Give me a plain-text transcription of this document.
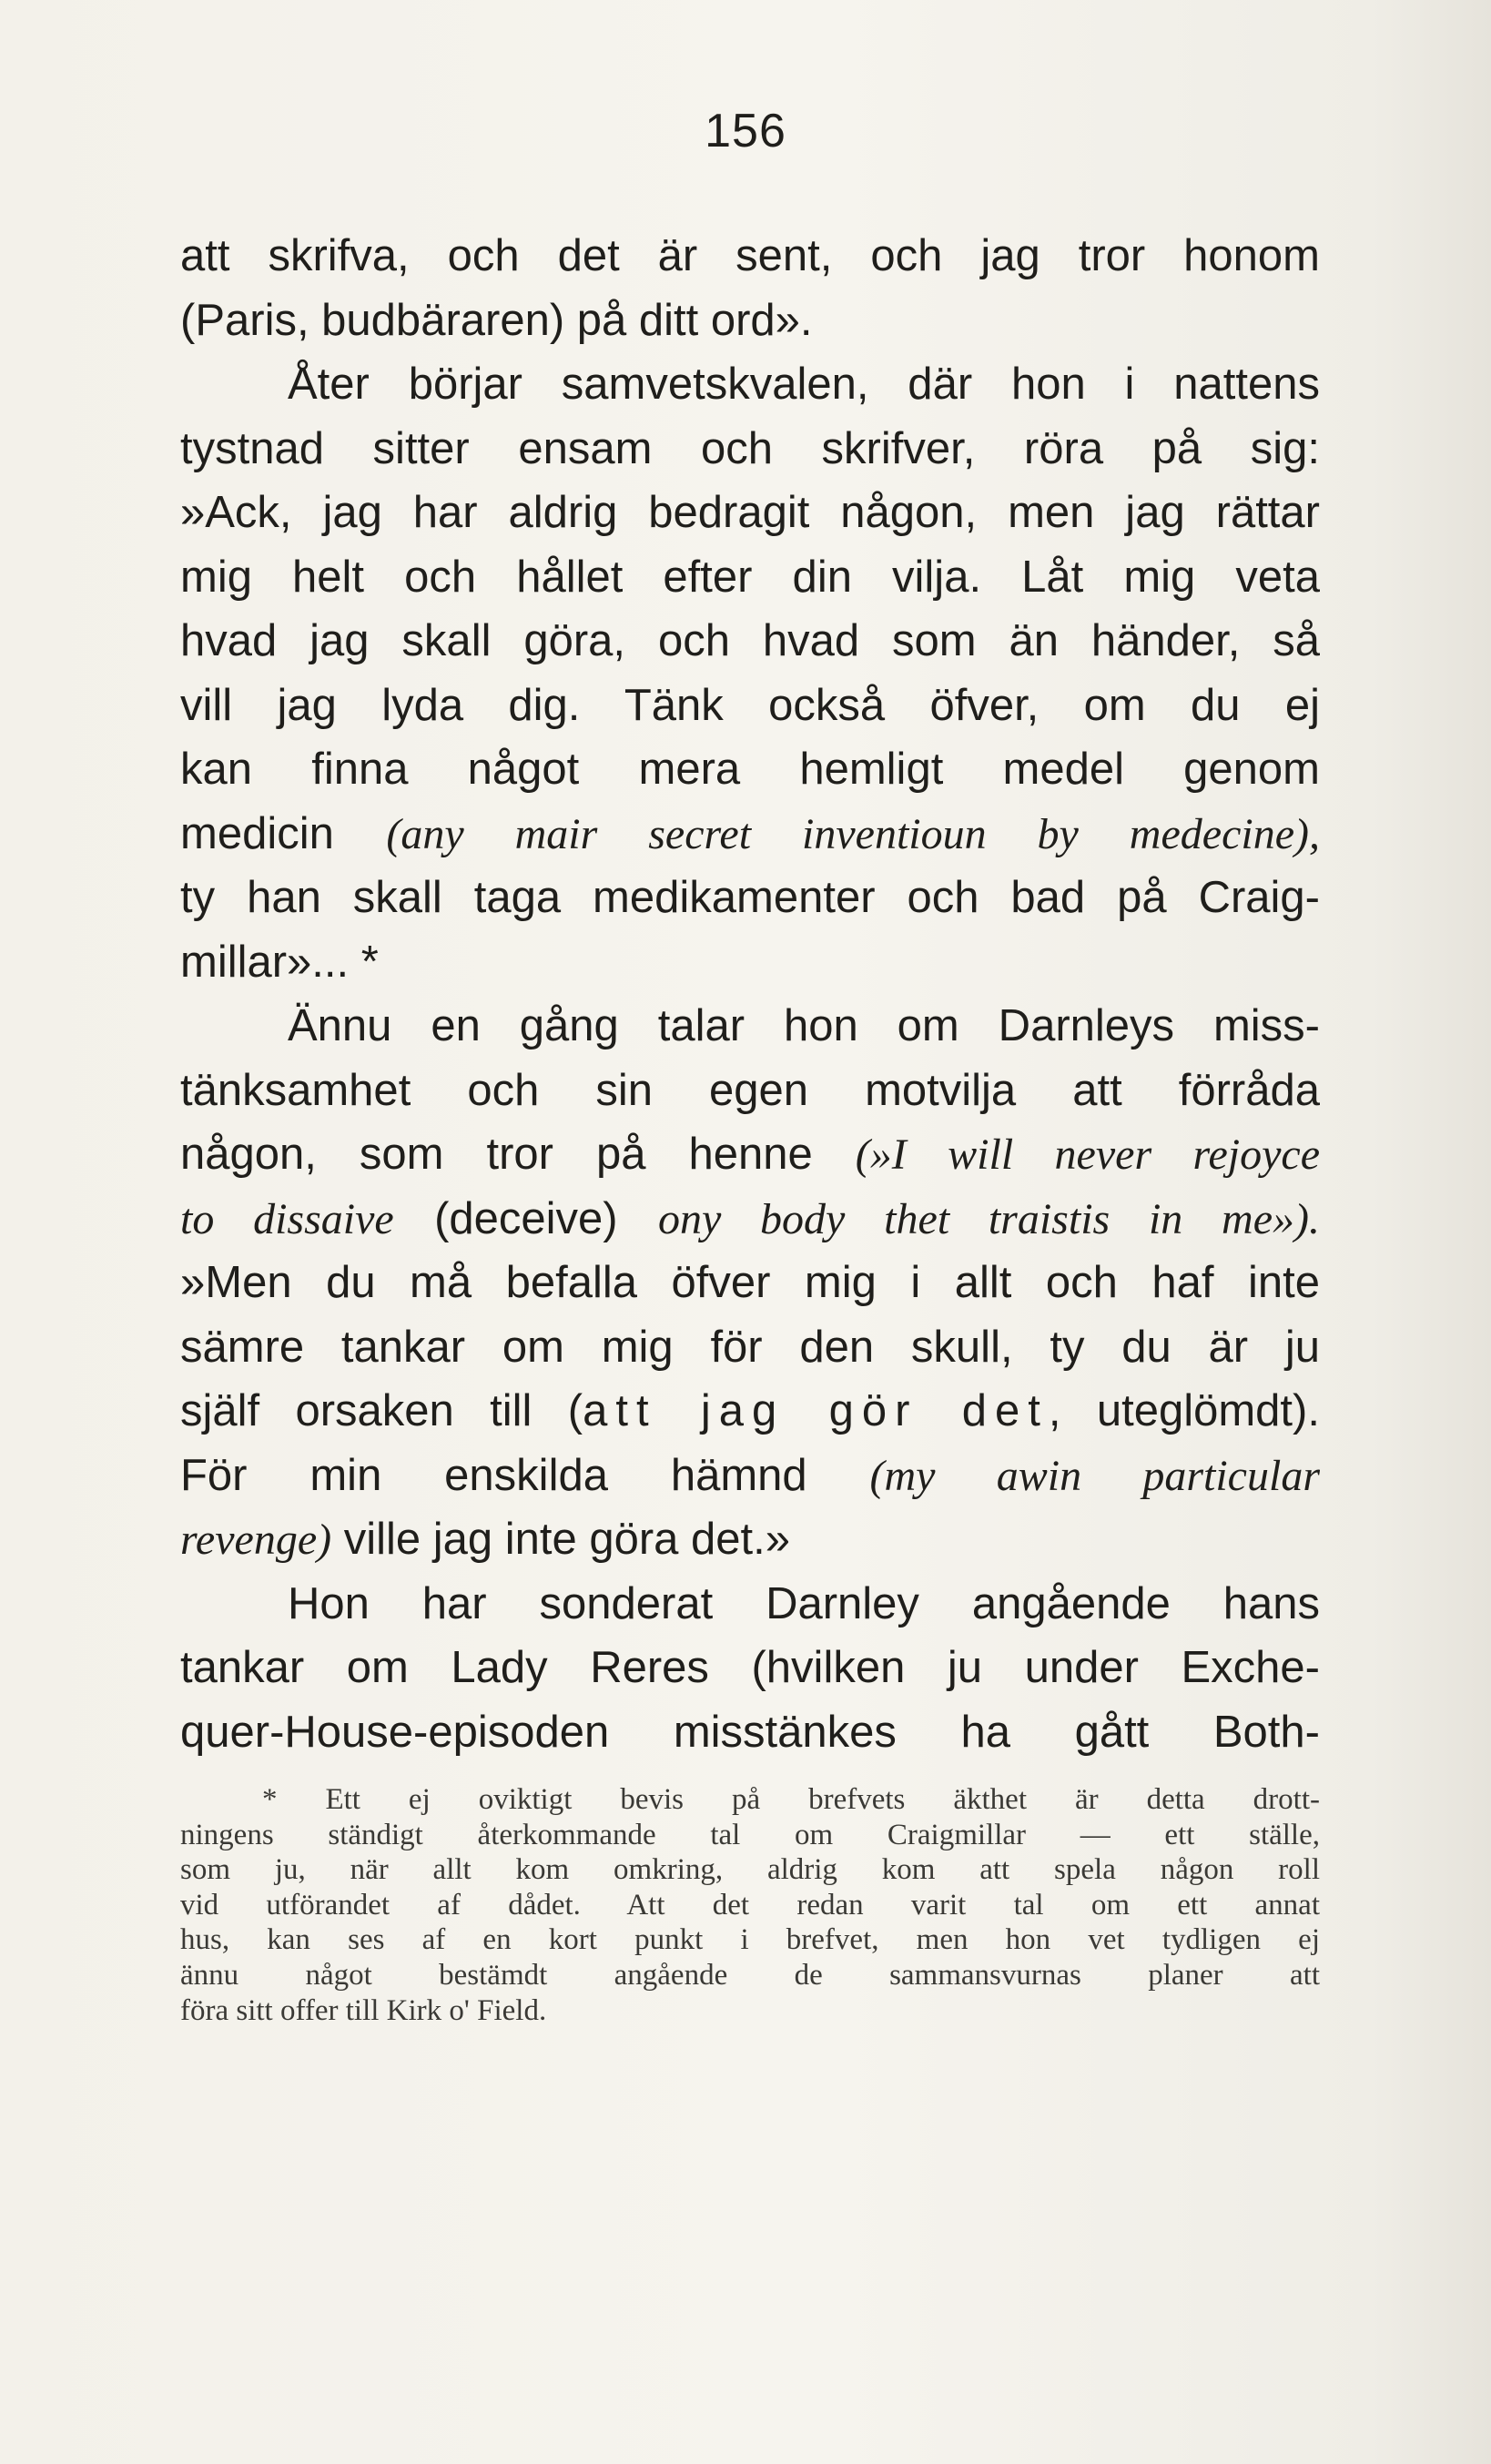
156
att skrifva, och det är sent, och jag tror honom
(Paris, budbäraren) på ditt ord».
Åter börjar samvetskvalen, där hon i nattens
tystnad sitter ensam och skrifver, röra på sig:
»Ack, jag har aldrig bedragit någon, men jag rättar
mig helt och hållet efter din vilja. Låt mig veta
hvad jag skall göra, och hvad som än händer, så
vill jag lyda dig. Tänk också öfver, om du ej
kan finna något mera hemligt medel genom
medicin (any mair secret inventioun by medecine),
ty han skall taga medikamenter och bad på Craig-
millar»... *
Ännu en gång talar hon om Darnleys miss-
tänksamhet och sin egen motvilja att förråda
någon, som tror på henne (»I will never rejoyce
to dissaive (deceive) ony body thet traistis in me»).
»Men du må befalla öfver mig i allt och haf inte
sämre tankar om mig för den skull, ty du är ju
själf orsaken till (att jag gör det, uteglömdt).
För min enskilda hämnd (my awin particular
revenge) ville jag inte göra det.»
Hon har sonderat Darnley angående hans
tankar om Lady Reres (hvilken ju under Exche-
quer-House-episoden misstänkes ha gått Both-
* Ett ej oviktigt bevis på brefvets äkthet är detta drott-
ningens ständigt återkommande tal om Craigmillar — ett ställe,
som ju, när allt kom omkring, aldrig kom att spela någon roll
vid utförandet af dådet. Att det redan varit tal om ett annat
hus, kan ses af en kort punkt i brefvet, men hon vet tydligen ej
ännu något bestämdt angående de sammansvurnas planer att
föra sitt offer till Kirk o' Field.
